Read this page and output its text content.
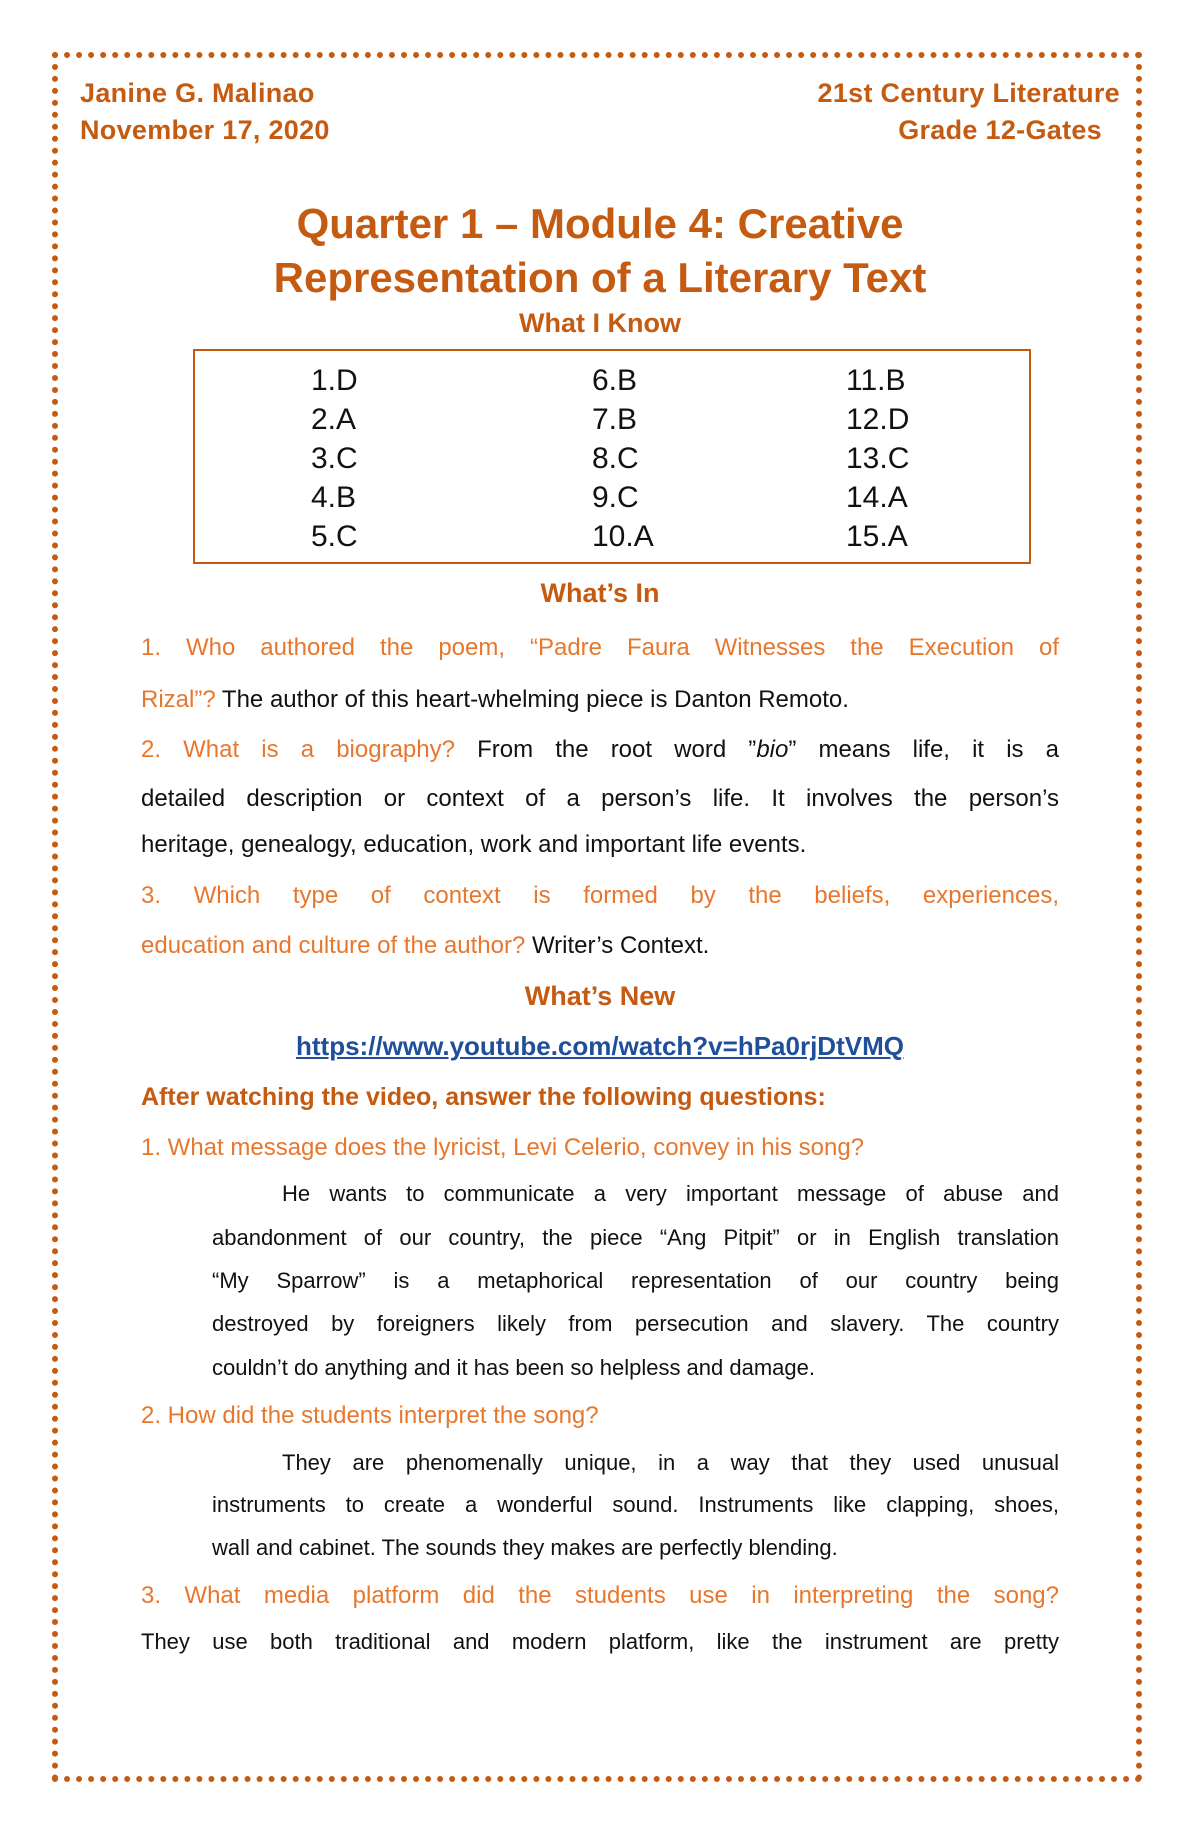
Janine G. Malinao
November 17, 2020
21st Century Literature
Grade 12-Gates
Quarter 1 – Module 4: Creative
Representation of a Literary Text
What I Know
1.D
2.A
3.C
4.B
5.C
6.B
7.B
8.C
9.C
10.A
11.B
12.D
13.C
14.A
15.A
What’s In
1. Who authored the poem, “Padre Faura Witnesses the Execution of
Rizal”? The author of this heart-whelming piece is Danton Remoto.
2. What is a biography? From the root word ”bio” means life, it is a
detailed description or context of a person’s life. It involves the person’s
heritage, genealogy, education, work and important life events.
3. Which type of context is formed by the beliefs, experiences,
education and culture of the author? Writer’s Context.
What’s New
https://www.youtube.com/watch?v=hPa0rjDtVMQ
After watching the video, answer the following questions:
1. What message does the lyricist, Levi Celerio, convey in his song?
He wants to communicate a very important message of abuse and
abandonment of our country, the piece “Ang Pitpit” or in English translation
“My Sparrow” is a metaphorical representation of our country being
destroyed by foreigners likely from persecution and slavery. The country
couldn’t do anything and it has been so helpless and damage.
2. How did the students interpret the song?
They are phenomenally unique, in a way that they used unusual
instruments to create a wonderful sound. Instruments like clapping, shoes,
wall and cabinet. The sounds they makes are perfectly blending.
3. What media platform did the students use in interpreting the song?
They use both traditional and modern platform, like the instrument are pretty
